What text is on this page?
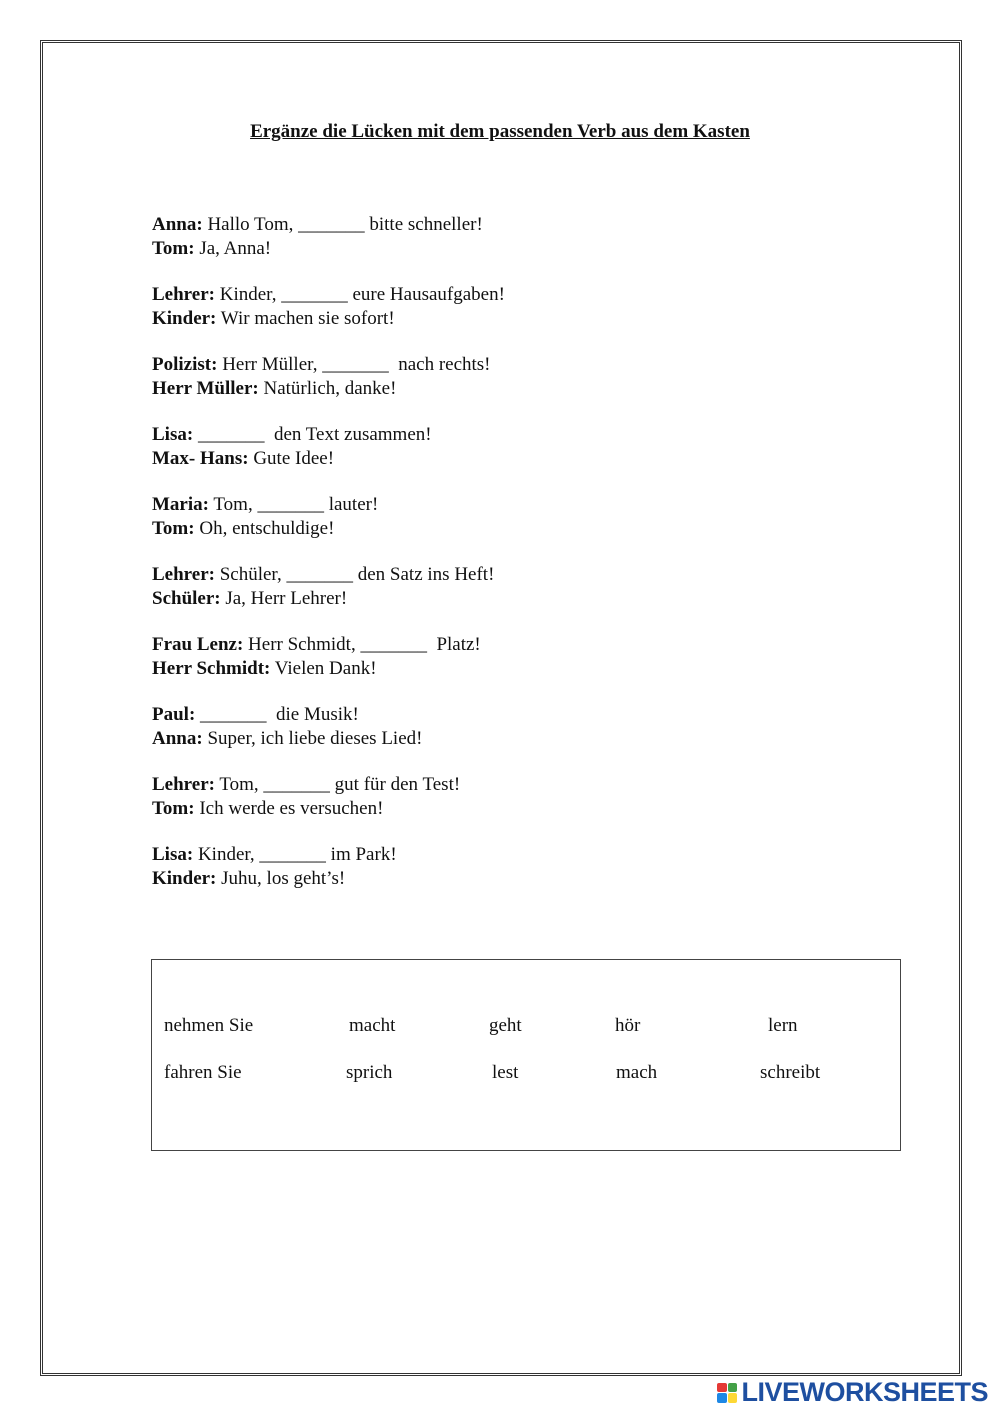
Ergänze die Lücken mit dem passenden Verb aus dem Kasten
Anna: Hallo Tom, _______ bitte schneller!
Tom: Ja, Anna!
Lehrer: Kinder, _______ eure Hausaufgaben!
Kinder: Wir machen sie sofort!
Polizist: Herr Müller, _______  nach rechts!
Herr Müller: Natürlich, danke!
Lisa: _______  den Text zusammen!
Max- Hans: Gute Idee!
Maria: Tom, _______ lauter!
Tom: Oh, entschuldige!
Lehrer: Schüler, _______ den Satz ins Heft!
Schüler: Ja, Herr Lehrer!
Frau Lenz: Herr Schmidt, _______  Platz!
Herr Schmidt: Vielen Dank!
Paul: _______  die Musik!
Anna: Super, ich liebe dieses Lied!
Lehrer: Tom, _______ gut für den Test!
Tom: Ich werde es versuchen!
Lisa: Kinder, _______ im Park!
Kinder: Juhu, los geht’s!
nehmen Sie	macht	geht	hör	lern
fahren Sie	sprich	lest	mach	schreibt
LIVEWORKSHEETS
